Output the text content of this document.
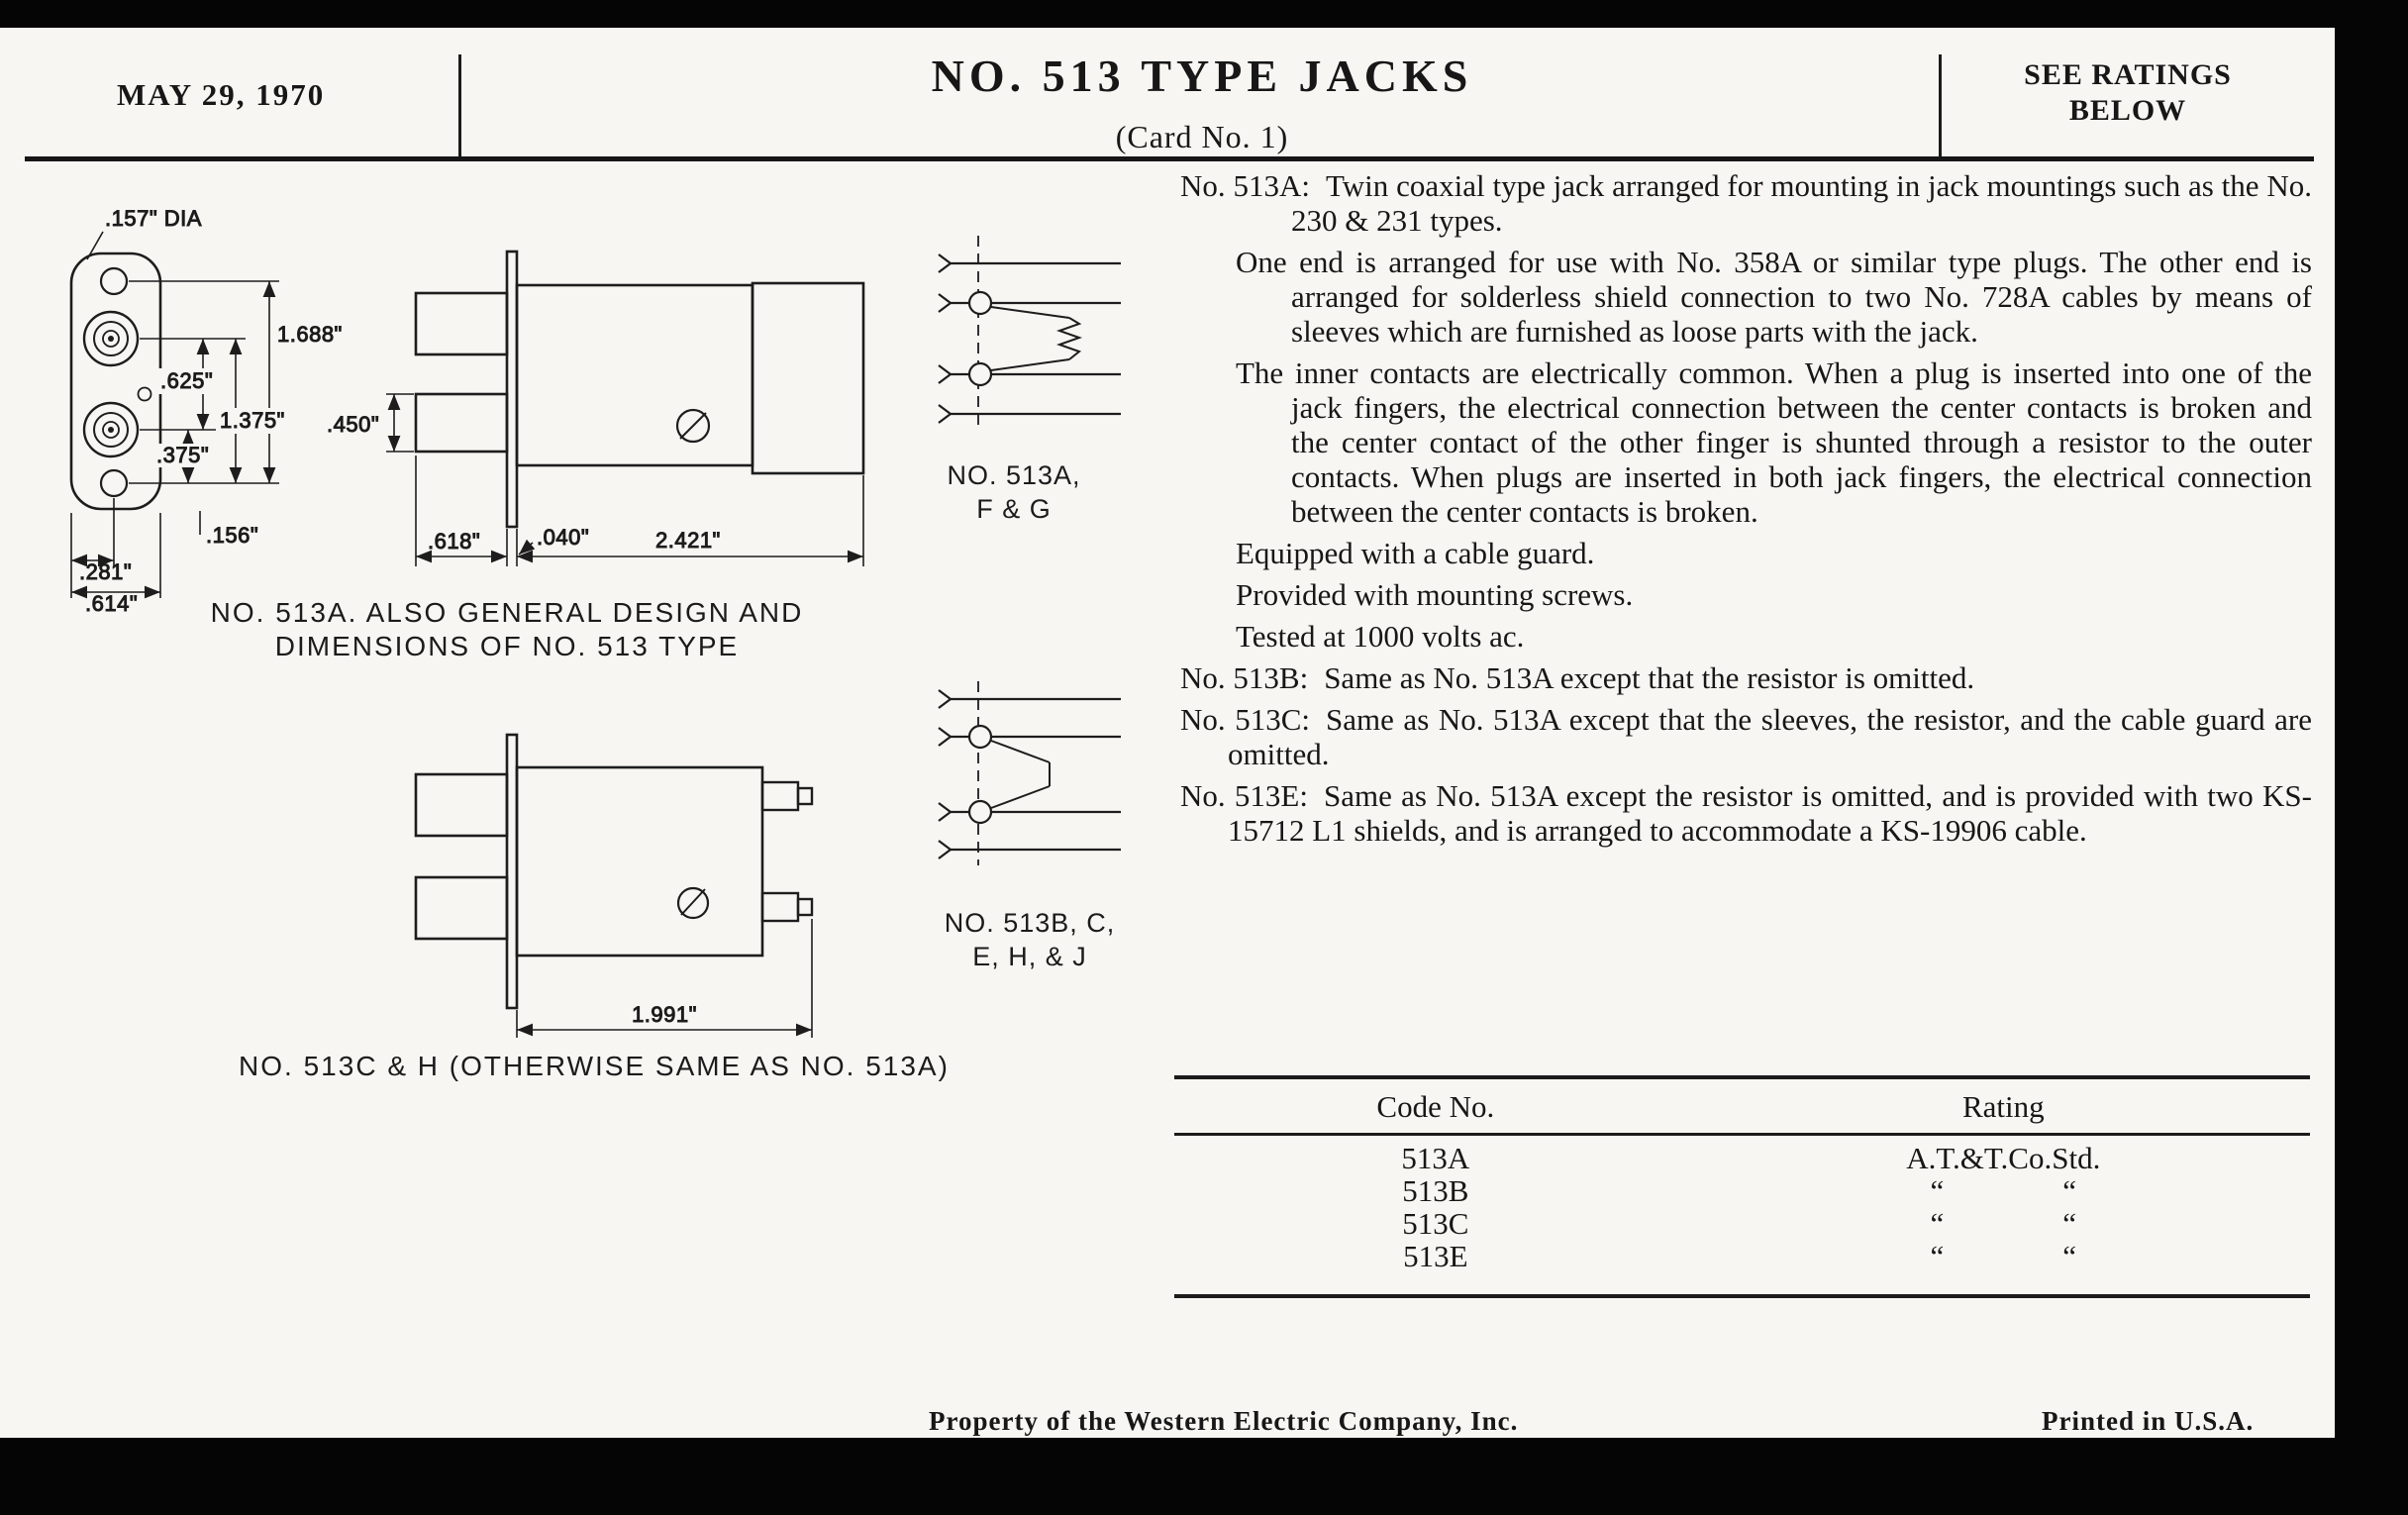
MAY 29, 1970	NO. 513 TYPE JACKS
(Card No. 1)
SEE RATINGS
BELOW
.157" DIA
1.688"
.625"
1.375"
.375"
.156"
.281"
.614"
.450"
.618"	.040"	2.421"
NO. 513A. ALSO GENERAL DESIGN AND
DIMENSIONS OF NO. 513 TYPE
NO. 513A,
F & G
1.991"
NO. 513C & H (OTHERWISE SAME AS NO. 513A)
NO. 513B, C,
E, H, & J

No. 513A: Twin coaxial type jack arranged for mounting in jack mountings such as the No. 230 & 231 types.

One end is arranged for use with No. 358A or similar type plugs. The other end is arranged for solderless shield connection to two No. 728A cables by means of sleeves which are furnished as loose parts with the jack.

The inner contacts are electrically common. When a plug is inserted into one of the jack fingers, the electrical connection between the center contacts is broken and the center contact of the other finger is shunted through a resistor to the outer contacts. When plugs are inserted in both jack fingers, the electrical connection between the center contacts is broken.

Equipped with a cable guard.

Provided with mounting screws.

Tested at 1000 volts ac.

No. 513B: Same as No. 513A except that the resistor is omitted.

No. 513C: Same as No. 513A except that the sleeves, the resistor, and the cable guard are omitted.

No. 513E: Same as No. 513A except the resistor is omitted, and is provided with two KS-15712 L1 shields, and is arranged to accommodate a KS-19906 cable.

Code No.	Rating
513A	A.T.&T.Co.Std.
513B	“	“
513C	“	“
513E	“	“
Property of the Western Electric Company, Inc.	Printed in U.S.A.
